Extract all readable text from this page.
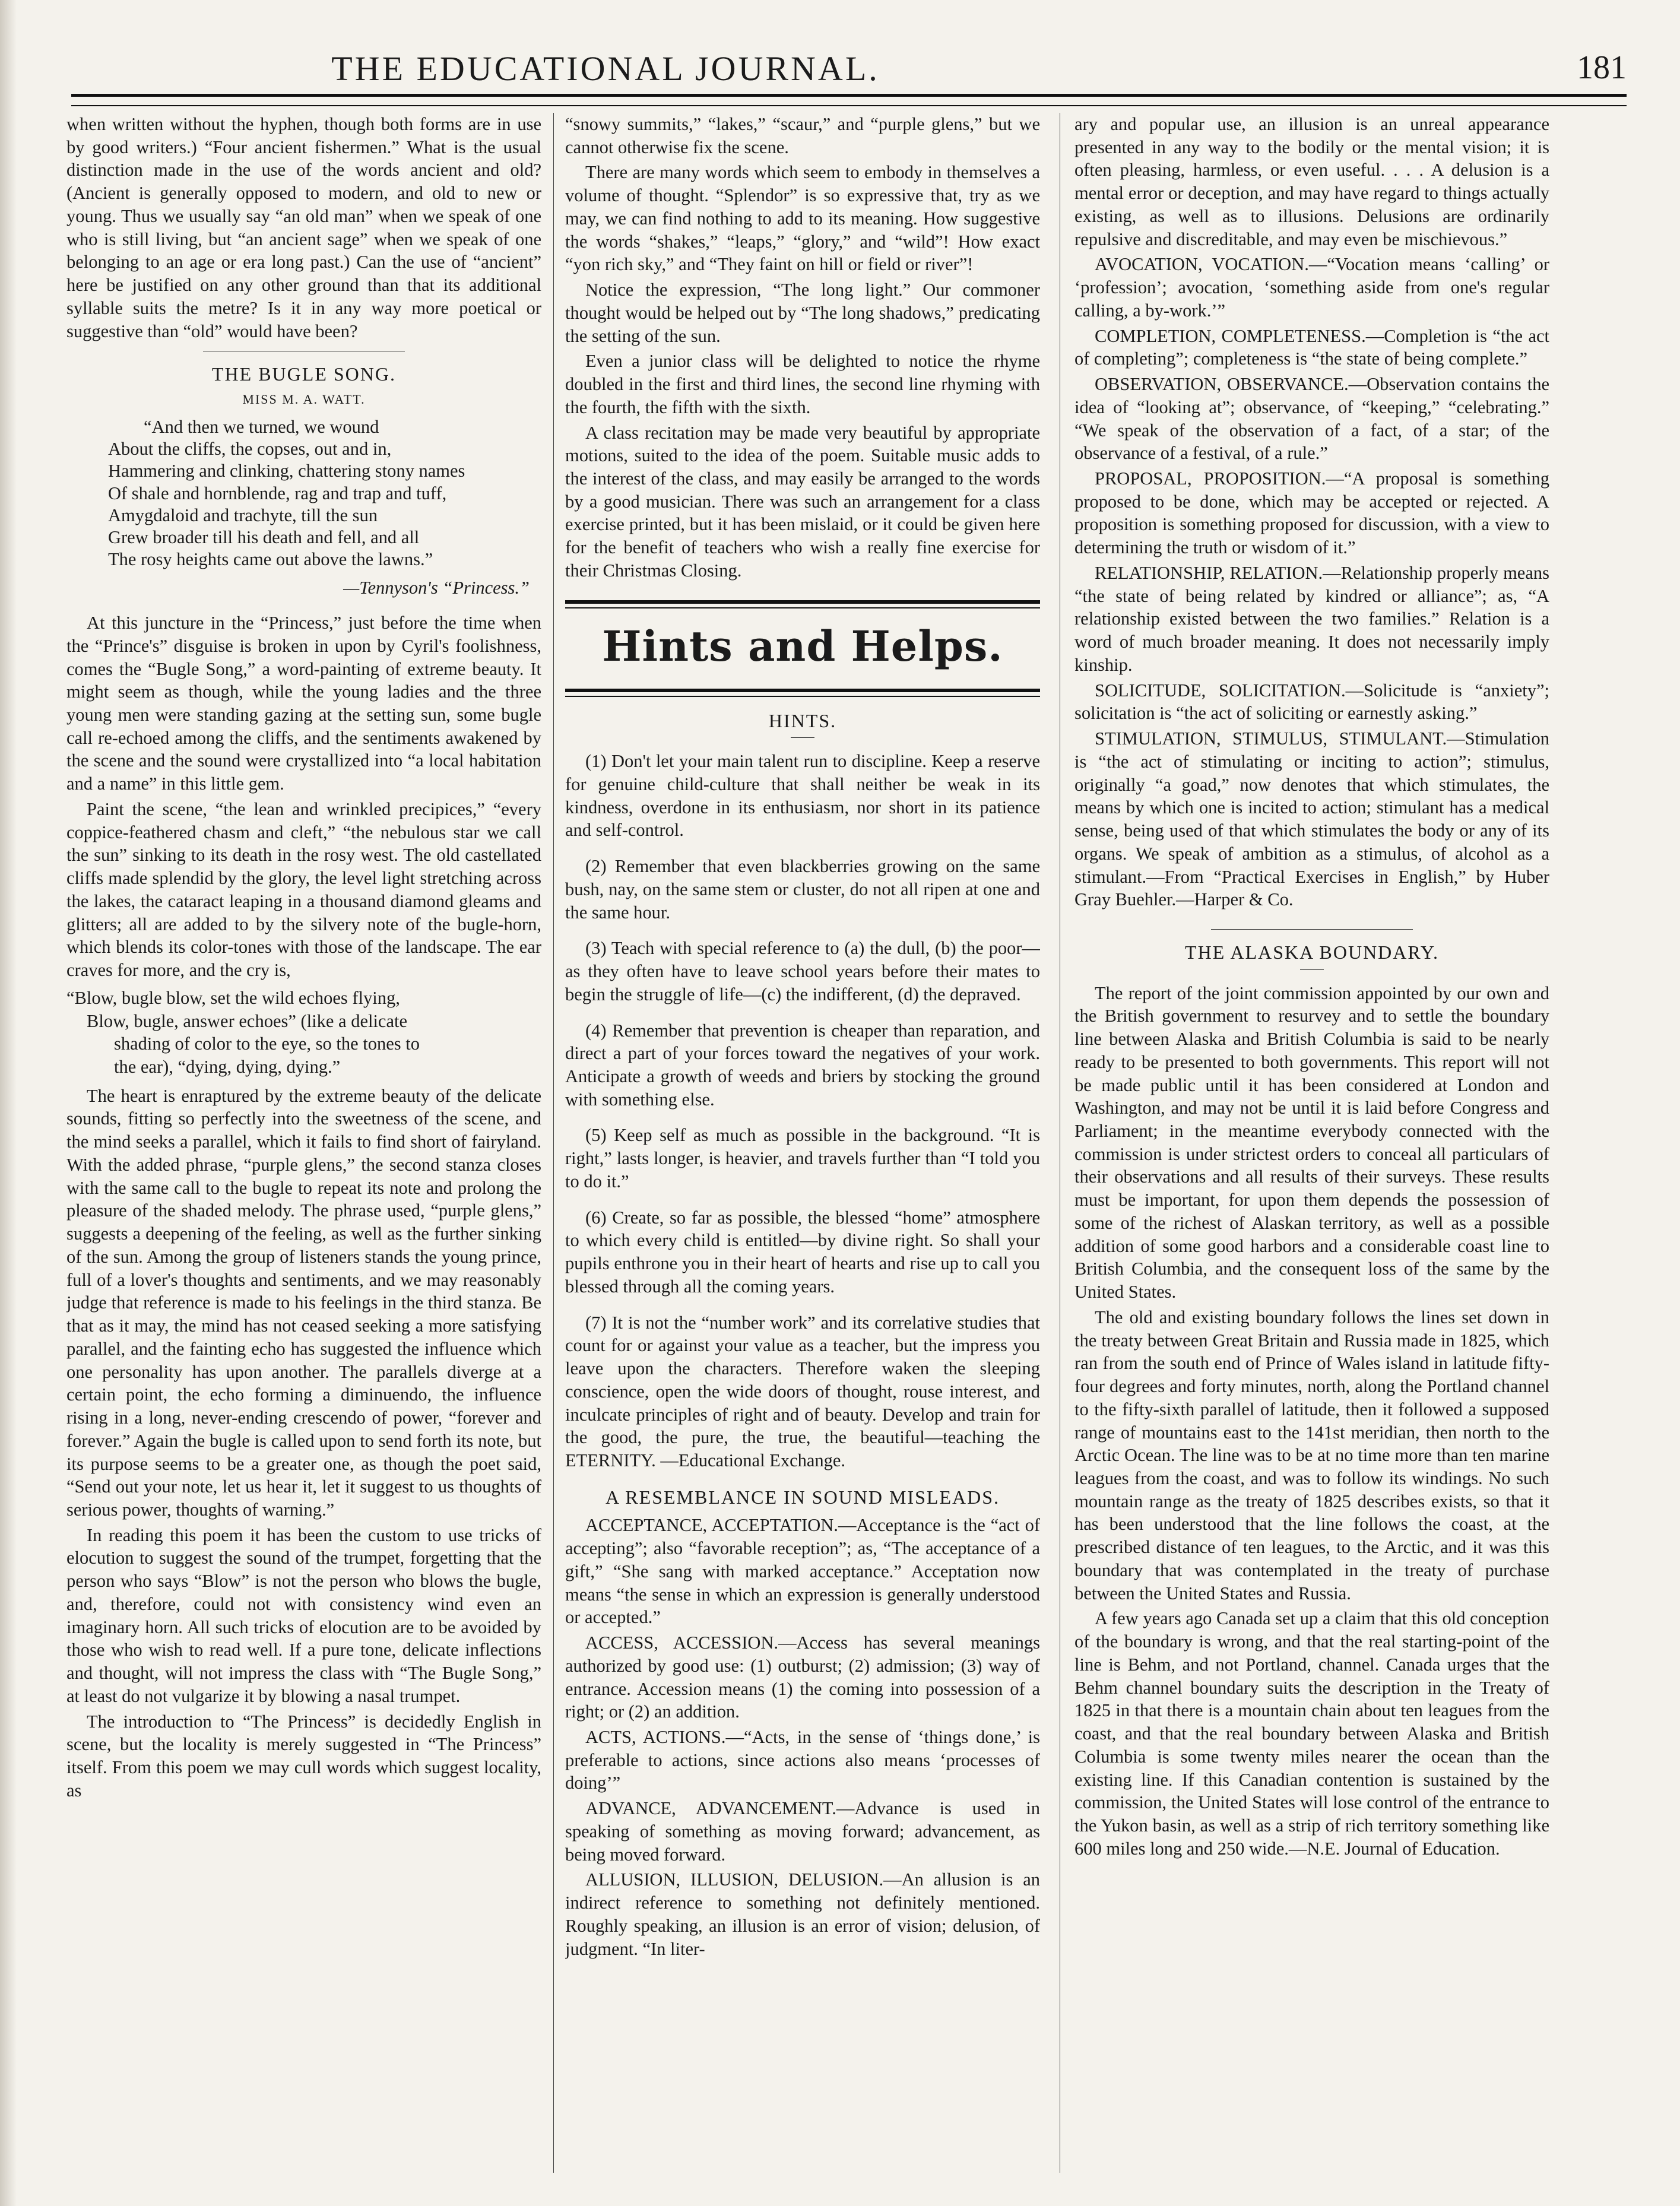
THE EDUCATIONAL JOURNAL.	181

when written without the hyphen, though both forms are in use by good writers.) “Four ancient fishermen.” What is the usual distinction made in the use of the words ancient and old? (Ancient is generally opposed to modern, and old to new or young. Thus we usually say “an old man” when we speak of one who is still living, but “an ancient sage” when we speak of one belonging to an age or era long past.) Can the use of “ancient” here be justified on any other ground than that its additional syllable suits the metre? Is it in any way more poetical or suggestive than “old” would have been?

THE BUGLE SONG.
MISS M. A. WATT.
“And then we turned, we wound
About the cliffs, the copses, out and in,
Hammering and clinking, chattering stony names
Of shale and hornblende, rag and trap and tuff,
Amygdaloid and trachyte, till the sun
Grew broader till his death and fell, and all
The rosy heights came out above the lawns.”
—Tennyson's “Princess.”

At this juncture in the “Princess,” just before the time when the “Prince's” disguise is broken in upon by Cyril's foolishness, comes the “Bugle Song,” a word-painting of extreme beauty. It might seem as though, while the young ladies and the three young men were standing gazing at the setting sun, some bugle call re-echoed among the cliffs, and the sentiments awakened by the scene and the sound were crystallized into “a local habitation and a name” in this little gem.

Paint the scene, “the lean and wrinkled precipices,” “every coppice-feathered chasm and cleft,” “the nebulous star we call the sun” sinking to its death in the rosy west. The old castellated cliffs made splendid by the glory, the level light stretching across the lakes, the cataract leaping in a thousand diamond gleams and glitters; all are added to by the silvery note of the bugle-horn, which blends its color-tones with those of the landscape. The ear craves for more, and the cry is,

“Blow, bugle blow, set the wild echoes flying,
Blow, bugle, answer echoes” (like a delicate
shading of color to the eye, so the tones to
the ear), “dying, dying, dying.”

The heart is enraptured by the extreme beauty of the delicate sounds, fitting so perfectly into the sweetness of the scene, and the mind seeks a parallel, which it fails to find short of fairyland. With the added phrase, “purple glens,” the second stanza closes with the same call to the bugle to repeat its note and prolong the pleasure of the shaded melody. The phrase used, “purple glens,” suggests a deepening of the feeling, as well as the further sinking of the sun. Among the group of listeners stands the young prince, full of a lover's thoughts and sentiments, and we may reasonably judge that reference is made to his feelings in the third stanza. Be that as it may, the mind has not ceased seeking a more satisfying parallel, and the fainting echo has suggested the influence which one personality has upon another. The parallels diverge at a certain point, the echo forming a diminuendo, the influence rising in a long, never-ending crescendo of power, “forever and forever.” Again the bugle is called upon to send forth its note, but its purpose seems to be a greater one, as though the poet said, “Send out your note, let us hear it, let it suggest to us thoughts of serious power, thoughts of warning.”

In reading this poem it has been the custom to use tricks of elocution to suggest the sound of the trumpet, forgetting that the person who says “Blow” is not the person who blows the bugle, and, therefore, could not with consistency wind even an imaginary horn. All such tricks of elocution are to be avoided by those who wish to read well. If a pure tone, delicate inflections and thought, will not impress the class with “The Bugle Song,” at least do not vulgarize it by blowing a nasal trumpet.

The introduction to “The Princess” is decidedly English in scene, but the locality is merely suggested in “The Princess” itself. From this poem we may cull words which suggest locality, as

“snowy summits,” “lakes,” “scaur,” and “purple glens,” but we cannot otherwise fix the scene.

There are many words which seem to embody in themselves a volume of thought. “Splendor” is so expressive that, try as we may, we can find nothing to add to its meaning. How suggestive the words “shakes,” “leaps,” “glory,” and “wild”! How exact “yon rich sky,” and “They faint on hill or field or river”!

Notice the expression, “The long light.” Our commoner thought would be helped out by “The long shadows,” predicating the setting of the sun.

Even a junior class will be delighted to notice the rhyme doubled in the first and third lines, the second line rhyming with the fourth, the fifth with the sixth.

A class recitation may be made very beautiful by appropriate motions, suited to the idea of the poem. Suitable music adds to the interest of the class, and may easily be arranged to the words by a good musician. There was such an arrangement for a class exercise printed, but it has been mislaid, or it could be given here for the benefit of teachers who wish a really fine exercise for their Christmas Closing.

Hints and Helps.
HINTS.

(1) Don't let your main talent run to discipline. Keep a reserve for genuine child-culture that shall neither be weak in its kindness, overdone in its enthusiasm, nor short in its patience and self-control.

(2) Remember that even blackberries growing on the same bush, nay, on the same stem or cluster, do not all ripen at one and the same hour.

(3) Teach with special reference to (a) the dull, (b) the poor—as they often have to leave school years before their mates to begin the struggle of life—(c) the indifferent, (d) the depraved.

(4) Remember that prevention is cheaper than reparation, and direct a part of your forces toward the negatives of your work. Anticipate a growth of weeds and briers by stocking the ground with something else.

(5) Keep self as much as possible in the background. “It is right,” lasts longer, is heavier, and travels further than “I told you to do it.”

(6) Create, so far as possible, the blessed “home” atmosphere to which every child is entitled—by divine right. So shall your pupils enthrone you in their heart of hearts and rise up to call you blessed through all the coming years.

(7) It is not the “number work” and its correlative studies that count for or against your value as a teacher, but the impress you leave upon the characters. Therefore waken the sleeping conscience, open the wide doors of thought, rouse interest, and inculcate principles of right and of beauty. Develop and train for the good, the pure, the true, the beautiful—teaching the ETERNITY. —Educational Exchange.

A RESEMBLANCE IN SOUND MISLEADS.

ACCEPTANCE, ACCEPTATION.—Acceptance is the “act of accepting”; also “favorable reception”; as, “The acceptance of a gift,” “She sang with marked acceptance.” Acceptation now means “the sense in which an expression is generally understood or accepted.”

ACCESS, ACCESSION.—Access has several meanings authorized by good use: (1) outburst; (2) admission; (3) way of entrance. Accession means (1) the coming into possession of a right; or (2) an addition.

ACTS, ACTIONS.—“Acts, in the sense of ‘things done,’ is preferable to actions, since actions also means ‘processes of doing’”

ADVANCE, ADVANCEMENT.—Advance is used in speaking of something as moving forward; advancement, as being moved forward.

ALLUSION, ILLUSION, DELUSION.—An allusion is an indirect reference to something not definitely mentioned. Roughly speaking, an illusion is an error of vision; delusion, of judgment. “In liter-

ary and popular use, an illusion is an unreal appearance presented in any way to the bodily or the mental vision; it is often pleasing, harmless, or even useful. . . . A delusion is a mental error or deception, and may have regard to things actually existing, as well as to illusions. Delusions are ordinarily repulsive and discreditable, and may even be mischievous.”

AVOCATION, VOCATION.—“Vocation means ‘calling’ or ‘profession’; avocation, ‘something aside from one's regular calling, a by-work.’”

COMPLETION, COMPLETENESS.—Completion is “the act of completing”; completeness is “the state of being complete.”

OBSERVATION, OBSERVANCE.—Observation contains the idea of “looking at”; observance, of “keeping,” “celebrating.” “We speak of the observation of a fact, of a star; of the observance of a festival, of a rule.”

PROPOSAL, PROPOSITION.—“A proposal is something proposed to be done, which may be accepted or rejected. A proposition is something proposed for discussion, with a view to determining the truth or wisdom of it.”

RELATIONSHIP, RELATION.—Relationship properly means “the state of being related by kindred or alliance”; as, “A relationship existed between the two families.” Relation is a word of much broader meaning. It does not necessarily imply kinship.

SOLICITUDE, SOLICITATION.—Solicitude is “anxiety”; solicitation is “the act of soliciting or earnestly asking.”

STIMULATION, STIMULUS, STIMULANT.—Stimulation is “the act of stimulating or inciting to action”; stimulus, originally “a goad,” now denotes that which stimulates, the means by which one is incited to action; stimulant has a medical sense, being used of that which stimulates the body or any of its organs. We speak of ambition as a stimulus, of alcohol as a stimulant.—From “Practical Exercises in English,” by Huber Gray Buehler.—Harper & Co.

THE ALASKA BOUNDARY.

The report of the joint commission appointed by our own and the British government to resurvey and to settle the boundary line between Alaska and British Columbia is said to be nearly ready to be presented to both governments. This report will not be made public until it has been considered at London and Washington, and may not be until it is laid before Congress and Parliament; in the meantime everybody connected with the commission is under strictest orders to conceal all particulars of their observations and all results of their surveys. These results must be important, for upon them depends the possession of some of the richest of Alaskan territory, as well as a possible addition of some good harbors and a considerable coast line to British Columbia, and the consequent loss of the same by the United States.

The old and existing boundary follows the lines set down in the treaty between Great Britain and Russia made in 1825, which ran from the south end of Prince of Wales island in latitude fifty-four degrees and forty minutes, north, along the Portland channel to the fifty-sixth parallel of latitude, then it followed a supposed range of mountains east to the 141st meridian, then north to the Arctic Ocean. The line was to be at no time more than ten marine leagues from the coast, and was to follow its windings. No such mountain range as the treaty of 1825 describes exists, so that it has been understood that the line follows the coast, at the prescribed distance of ten leagues, to the Arctic, and it was this boundary that was contemplated in the treaty of purchase between the United States and Russia.

A few years ago Canada set up a claim that this old conception of the boundary is wrong, and that the real starting-point of the line is Behm, and not Portland, channel. Canada urges that the Behm channel boundary suits the description in the Treaty of 1825 in that there is a mountain chain about ten leagues from the coast, and that the real boundary between Alaska and British Columbia is some twenty miles nearer the ocean than the existing line. If this Canadian contention is sustained by the commission, the United States will lose control of the entrance to the Yukon basin, as well as a strip of rich territory something like 600 miles long and 250 wide.—N.E. Journal of Education.
